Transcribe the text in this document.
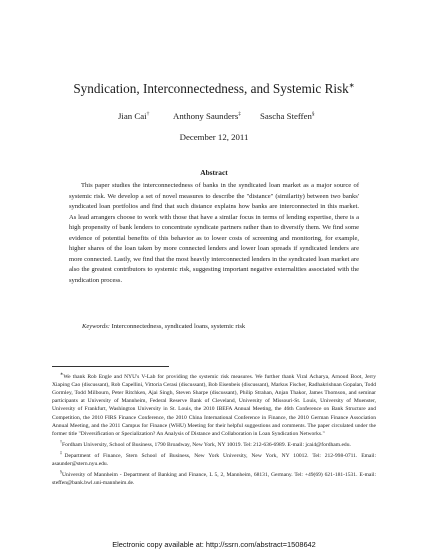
Syndication, Interconnectedness, and Systemic Risk∗
Jian Cai†	Anthony Saunders‡ Sascha Steffen§
December 12, 2011
Abstract

This paper studies the interconnectedness of banks in the syndicated loan market as a major source of systemic risk. We develop a set of novel measures to describe the "distance" (similarity) between two banks' syndicated loan portfolios and find that such distance explains how banks are interconnected in this market. As lead arrangers choose to work with those that have a similar focus in terms of lending expertise, there is a high propensity of bank lenders to concentrate syndicate partners rather than to diversify them. We find some evidence of potential benefits of this behavior as to lower costs of screening and monitoring, for example, higher shares of the loan taken by more connected lenders and lower loan spreads if syndicated lenders are more connected. Lastly, we find that the most heavily interconnected lenders in the syndicated loan market are also the greatest contributors to systemic risk, suggesting important negative externalities associated with the syndication process.

Keywords: Interconnectedness, syndicated loans, systemic risk

∗We thank Rob Engle and NYU's V-Lab for providing the systemic risk measures. We further thank Viral Acharya, Arnoud Boot, Jerry Xiaping Cao (discussant), Rob Capellini, Vittoria Cerasi (discussant), Bob Eisenbeis (discussant), Markus Fischer, Radhakrishnan Gopalan, Todd Gormley, Todd Milbourn, Peter Ritchken, Ajai Singh, Steven Sharpe (discussant), Philip Strahan, Anjan Thakor, James Thomson, and seminar participants at University of Mannheim, Federal Reserve Bank of Cleveland, University of Missouri-St. Louis, University of Muenster, University of Frankfurt, Washington University in St. Louis, the 2010 IBEFA Annual Meeting, the 46th Conference on Bank Structure and Competition, the 2010 FIRS Finance Conference, the 2010 China International Conference in Finance, the 2010 German Finance Association Annual Meeting, and the 2011 Campus for Finance (WHU) Meeting for their helpful suggestions and comments. The paper circulated under the former title "Diversification or Specialization? An Analysis of Distance and Collaboration in Loan Syndication Networks."

†Fordham University, School of Business, 1790 Broadway, New York, NY 10019. Tel: 212-636-6989. E-mail: jcai4@fordham.edu.

‡Department of Finance, Stern School of Business, New York University, New York, NY 10012. Tel: 212-998-0711. Email: asaunder@stern.nyu.edu.

§University of Mannheim - Department of Banking and Finance, L 5, 2, Mannheim, 68131, Germany. Tel: +49(69) 621-181-1531. E-mail: steffen@bank.bwl.uni-mannheim.de.

Electronic copy available at: http://ssrn.com/abstract=1508642
